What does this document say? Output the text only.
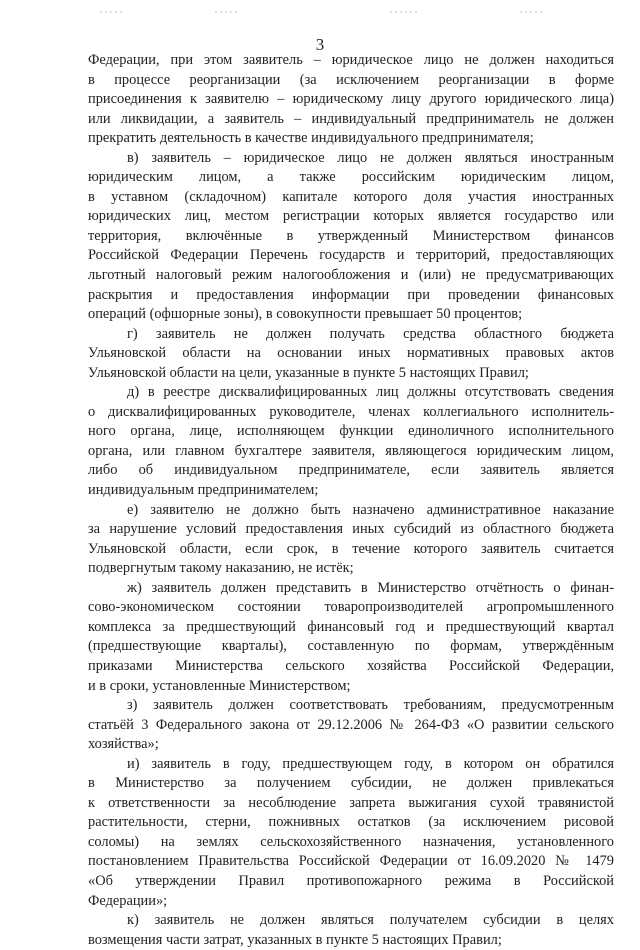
3
Федерации, при этом заявитель – юридическое лицо не должен находиться
в процессе реорганизации (за исключением реорганизации в форме
присоединения к заявителю – юридическому лицу другого юридического лица)
или ликвидации, а заявитель – индивидуальный предприниматель не должен
прекратить деятельность в качестве индивидуального предпринимателя;
в) заявитель – юридическое лицо не должен являться иностранным
юридическим лицом, а также российским юридическим лицом,
в уставном (складочном) капитале которого доля участия иностранных
юридических лиц, местом регистрации которых является государство или
территория, включённые в утвержденный Министерством финансов
Российской Федерации Перечень государств и территорий, предоставляющих
льготный налоговый режим налогообложения и (или) не предусматривающих
раскрытия и предоставления информации при проведении финансовых
операций (офшорные зоны), в совокупности превышает 50 процентов;
г) заявитель не должен получать средства областного бюджета
Ульяновской области на основании иных нормативных правовых актов
Ульяновской области на цели, указанные в пункте 5 настоящих Правил;
д) в реестре дисквалифицированных лиц должны отсутствовать сведения
о дисквалифицированных руководителе, членах коллегиального исполнитель-
ного органа, лице, исполняющем функции единоличного исполнительного
органа, или главном бухгалтере заявителя, являющегося юридическим лицом,
либо об индивидуальном предпринимателе, если заявитель является
индивидуальным предпринимателем;
е) заявителю не должно быть назначено административное наказание
за нарушение условий предоставления иных субсидий из областного бюджета
Ульяновской области, если срок, в течение которого заявитель считается
подвергнутым такому наказанию, не истёк;
ж) заявитель должен представить в Министерство отчётность о финан-
сово-экономическом состоянии товаропроизводителей агропромышленного
комплекса за предшествующий финансовый год и предшествующий квартал
(предшествующие кварталы), составленную по формам, утверждённым
приказами Министерства сельского хозяйства Российской Федерации,
и в сроки, установленные Министерством;
з) заявитель должен соответствовать требованиям, предусмотренным
статьёй 3 Федерального закона от 29.12.2006 № 264-ФЗ «О развитии сельского
хозяйства»;
и) заявитель в году, предшествующем году, в котором он обратился
в Министерство за получением субсидии, не должен привлекаться
к ответственности за несоблюдение запрета выжигания сухой травянистой
растительности, стерни, пожнивных остатков (за исключением рисовой
соломы) на землях сельскохозяйственного назначения, установленного
постановлением Правительства Российской Федерации от 16.09.2020 № 1479
«Об утверждении Правил противопожарного режима в Российской
Федерации»;
к) заявитель не должен являться получателем субсидии в целях
возмещения части затрат, указанных в пункте 5 настоящих Правил;
